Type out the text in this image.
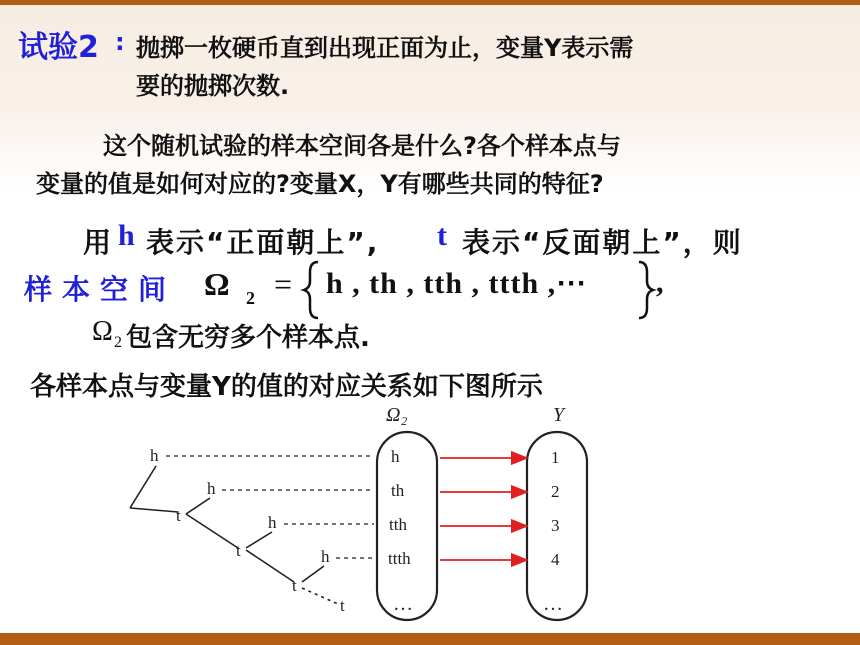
试验2 : 抛掷一枚硬币直到出现正面为止，变量Y表示需
要的抛掷次数.
这个随机试验的样本空间各是什么?各个样本点与
变量的值是如何对应的?变量X，Y有哪些共同的特征?
用 h 表示“正面朝上”, t 表示“反面朝上”，则
样本空间 Ω 2 = h , th , tth , ttth ,⋯ ,
Ω 2 包含无穷多个样本点.
各样本点与变量Y的值的对应关系如下图所示
h
h
t	h
t	h
t
t
Ω₂
h
th
tth
ttth
…
Y
1
2
3
4
…
